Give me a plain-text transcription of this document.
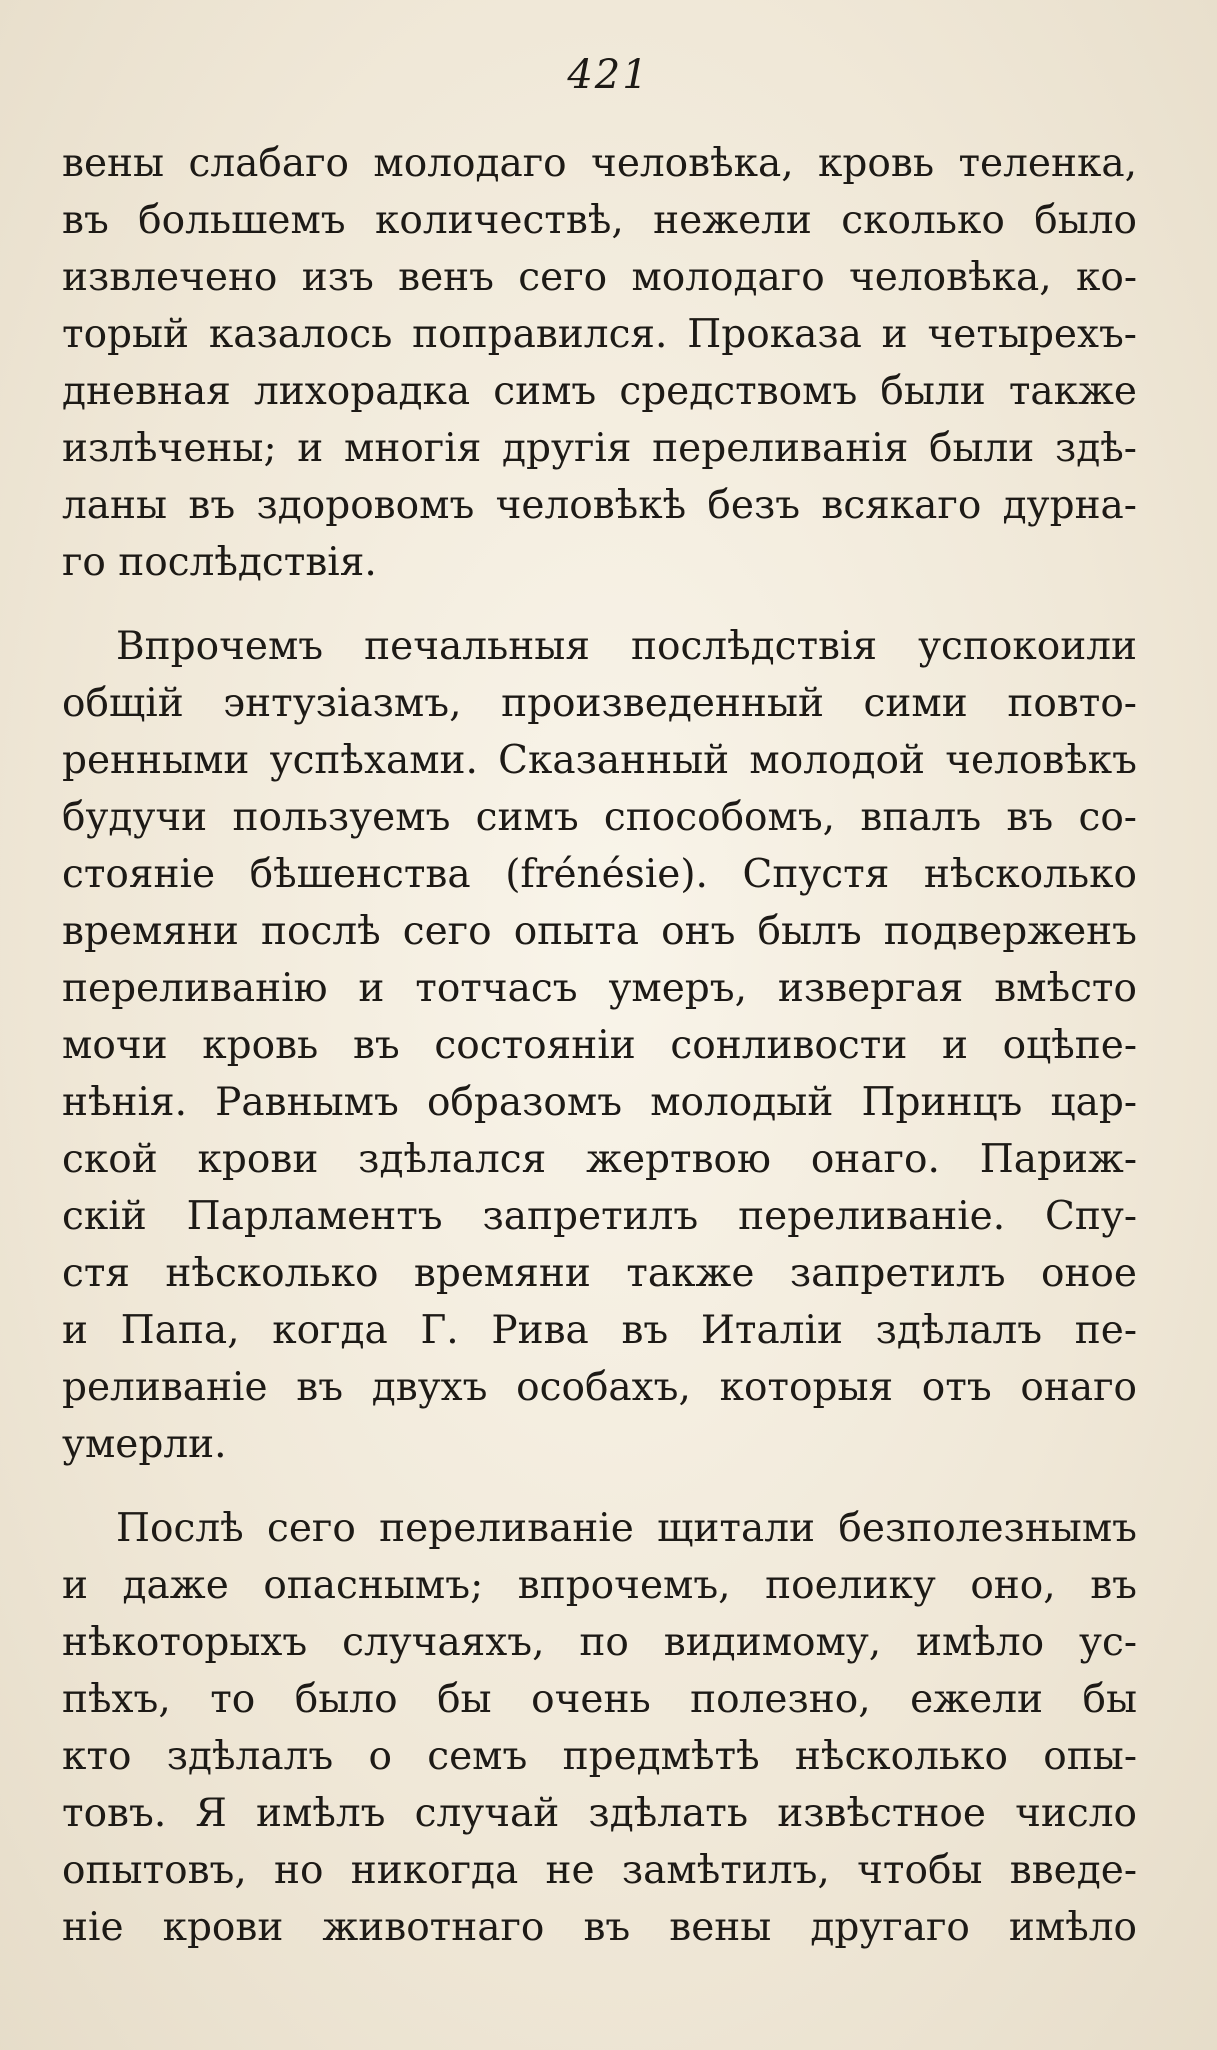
421
вены слабаго молодаго человѣка, кровь теленка,
въ большемъ количествѣ, нежели сколько было
извлечено изъ венъ сего молодаго человѣка, ко-
торый казалось поправился. Проказа и четырехъ-
дневная лихорадка симъ средствомъ были также
излѣчены; и многія другія переливанія были здѣ-
ланы въ здоровомъ человѣкѣ безъ всякаго дурна-
го послѣдствія.
Впрочемъ печальныя послѣдствія успокоили
общій энтузіазмъ, произведенный сими повто-
ренными успѣхами. Сказанный молодой человѣкъ
будучи пользуемъ симъ способомъ, впалъ въ со-
стояніе бѣшенства (frénésie). Спустя нѣсколько
времяни послѣ сего опыта онъ былъ подверженъ
переливанію и тотчасъ умеръ, извергая вмѣсто
мочи кровь въ состояніи сонливости и оцѣпе-
нѣнія. Равнымъ образомъ молодый Принцъ цар-
ской крови здѣлался жертвою онаго. Париж-
скій Парламентъ запретилъ переливаніе. Спу-
стя нѣсколько времяни также запретилъ оное
и Папа, когда Г. Рива въ Италіи здѣлалъ пе-
реливаніе въ двухъ особахъ, которыя отъ онаго
умерли.
Послѣ сего переливаніе щитали безполезнымъ
и даже опаснымъ; впрочемъ, поелику оно, въ
нѣкоторыхъ случаяхъ, по видимому, имѣло ус-
пѣхъ, то было бы очень полезно, ежели бы
кто здѣлалъ о семъ предмѣтѣ нѣсколько опы-
товъ. Я имѣлъ случай здѣлать извѣстное число
опытовъ, но никогда не замѣтилъ, чтобы введе-
ніе крови животнаго въ вены другаго имѣло
